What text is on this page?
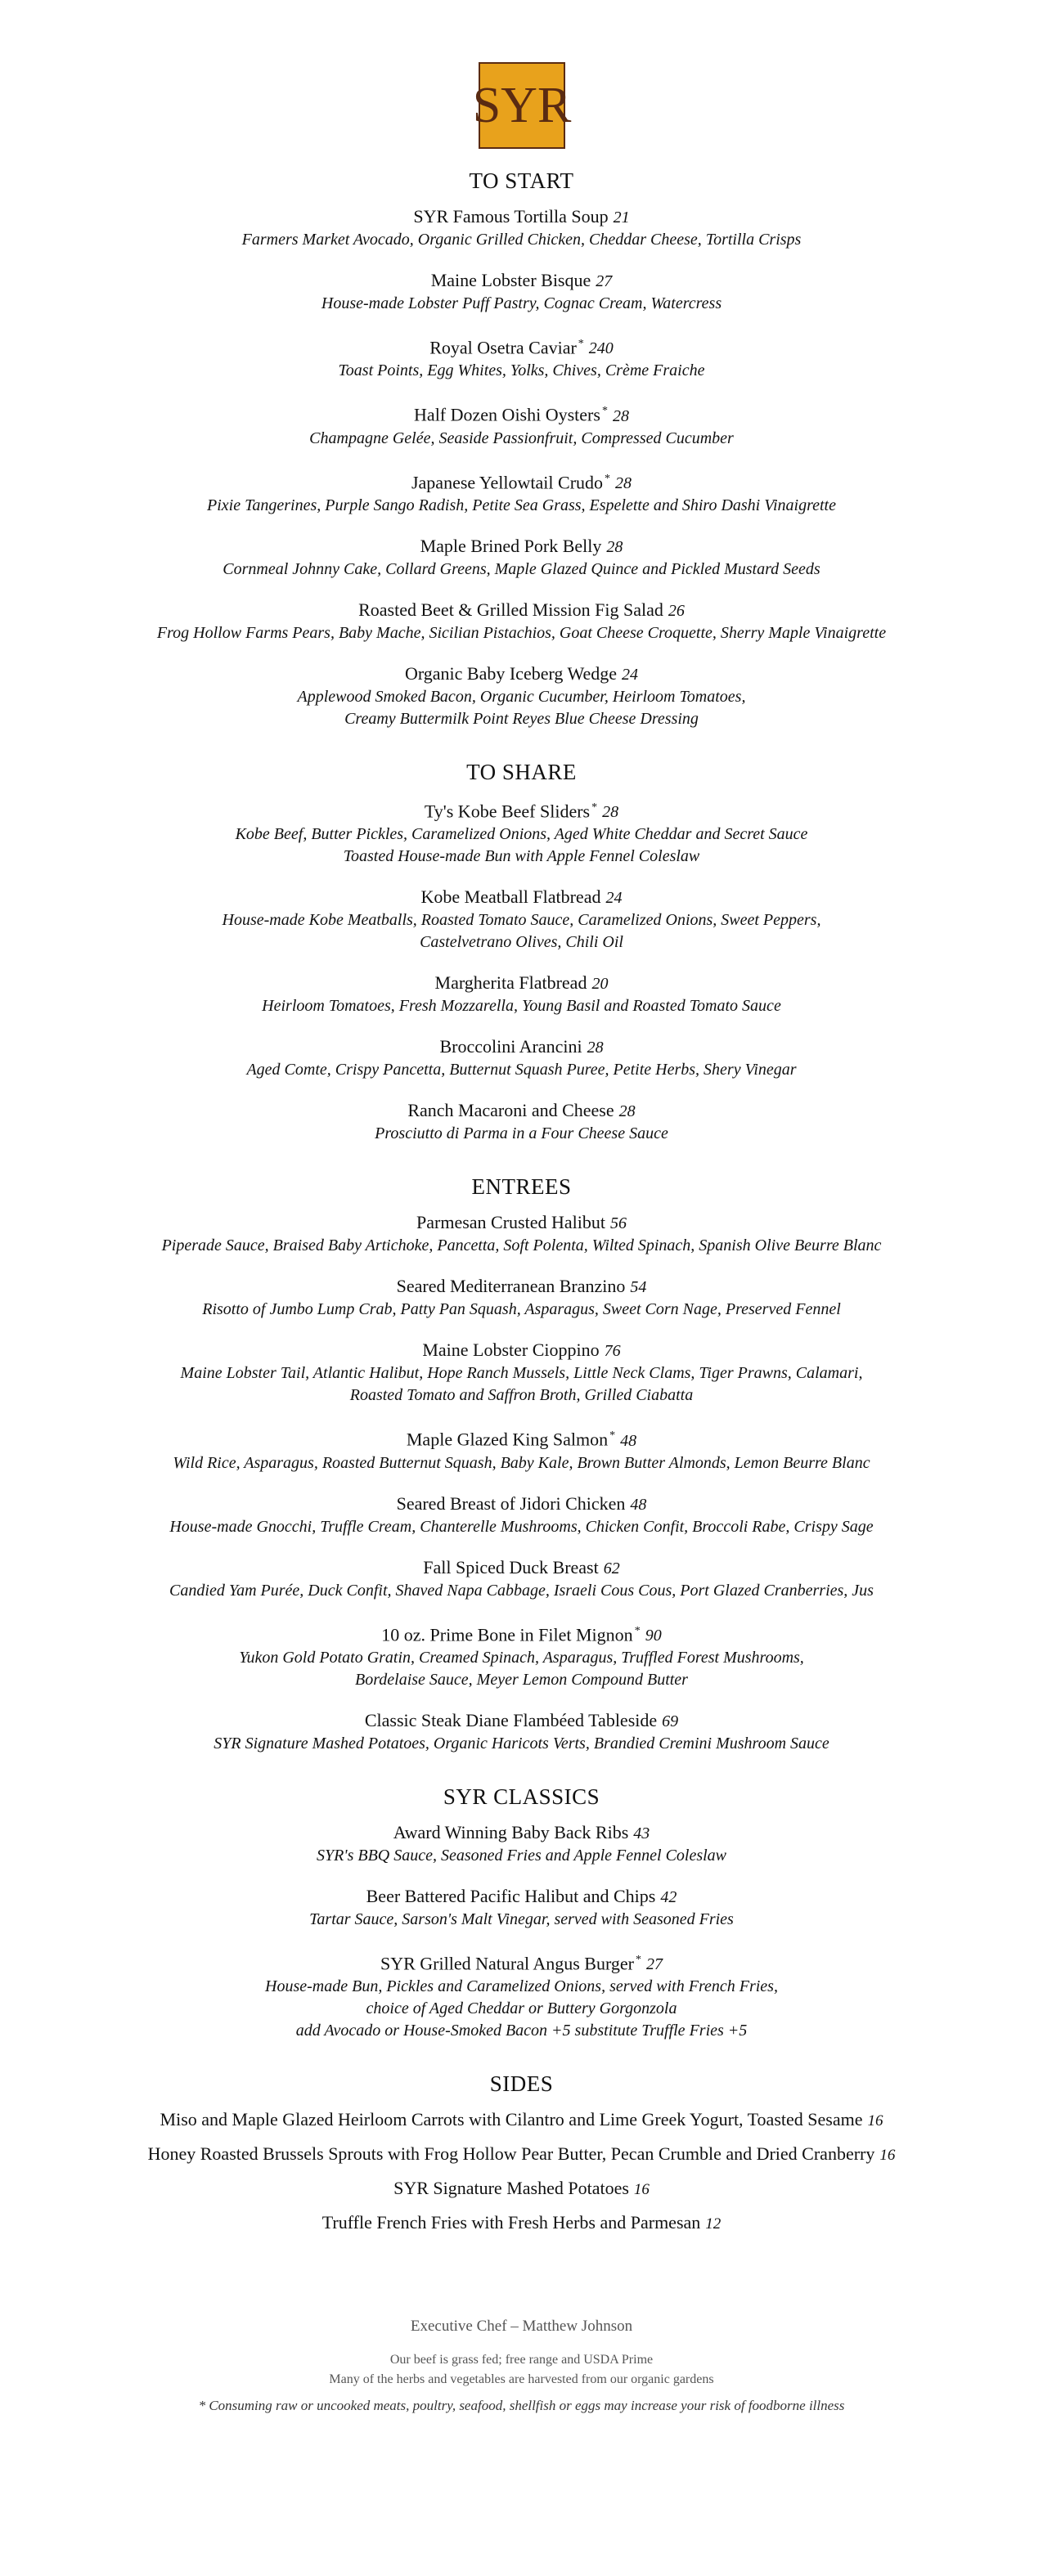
SYR
TO START
SYR Famous Tortilla Soup 21
Farmers Market Avocado, Organic Grilled Chicken, Cheddar Cheese, Tortilla Crisps
Maine Lobster Bisque 27
House-made Lobster Puff Pastry, Cognac Cream, Watercress
Royal Osetra Caviar * 240
Toast Points, Egg Whites, Yolks, Chives, Crème Fraiche
Half Dozen Oishi Oysters * 28
Champagne Gelée, Seaside Passionfruit, Compressed Cucumber
Japanese Yellowtail Crudo * 28
Pixie Tangerines, Purple Sango Radish, Petite Sea Grass, Espelette and Shiro Dashi Vinaigrette
Maple Brined Pork Belly 28
Cornmeal Johnny Cake, Collard Greens, Maple Glazed Quince and Pickled Mustard Seeds
Roasted Beet & Grilled Mission Fig Salad 26
Frog Hollow Farms Pears, Baby Mache, Sicilian Pistachios, Goat Cheese Croquette, Sherry Maple Vinaigrette
Organic Baby Iceberg Wedge 24
Applewood Smoked Bacon, Organic Cucumber, Heirloom Tomatoes,
Creamy Buttermilk Point Reyes Blue Cheese Dressing
TO SHARE
Ty's Kobe Beef Sliders * 28
Kobe Beef, Butter Pickles, Caramelized Onions, Aged White Cheddar and Secret Sauce
Toasted House-made Bun with Apple Fennel Coleslaw
Kobe Meatball Flatbread 24
House-made Kobe Meatballs, Roasted Tomato Sauce, Caramelized Onions, Sweet Peppers,
Castelvetrano Olives, Chili Oil
Margherita Flatbread 20
Heirloom Tomatoes, Fresh Mozzarella, Young Basil and Roasted Tomato Sauce
Broccolini Arancini 28
Aged Comte, Crispy Pancetta, Butternut Squash Puree, Petite Herbs, Shery Vinegar
Ranch Macaroni and Cheese 28
Prosciutto di Parma in a Four Cheese Sauce
ENTREES
Parmesan Crusted Halibut 56
Piperade Sauce, Braised Baby Artichoke, Pancetta, Soft Polenta, Wilted Spinach, Spanish Olive Beurre Blanc
Seared Mediterranean Branzino 54
Risotto of Jumbo Lump Crab, Patty Pan Squash, Asparagus, Sweet Corn Nage, Preserved Fennel
Maine Lobster Cioppino 76
Maine Lobster Tail, Atlantic Halibut, Hope Ranch Mussels, Little Neck Clams, Tiger Prawns, Calamari,
Roasted Tomato and Saffron Broth, Grilled Ciabatta
Maple Glazed King Salmon * 48
Wild Rice, Asparagus, Roasted Butternut Squash, Baby Kale, Brown Butter Almonds, Lemon Beurre Blanc
Seared Breast of Jidori Chicken 48
House-made Gnocchi, Truffle Cream, Chanterelle Mushrooms, Chicken Confit, Broccoli Rabe, Crispy Sage
Fall Spiced Duck Breast 62
Candied Yam Purée, Duck Confit, Shaved Napa Cabbage, Israeli Cous Cous, Port Glazed Cranberries, Jus
10 oz. Prime Bone in Filet Mignon * 90
Yukon Gold Potato Gratin, Creamed Spinach, Asparagus, Truffled Forest Mushrooms,
Bordelaise Sauce, Meyer Lemon Compound Butter
Classic Steak Diane Flambéed Tableside 69
SYR Signature Mashed Potatoes, Organic Haricots Verts, Brandied Cremini Mushroom Sauce
SYR CLASSICS
Award Winning Baby Back Ribs 43
SYR's BBQ Sauce, Seasoned Fries and Apple Fennel Coleslaw
Beer Battered Pacific Halibut and Chips 42
Tartar Sauce, Sarson's Malt Vinegar, served with Seasoned Fries
SYR Grilled Natural Angus Burger * 27
House-made Bun, Pickles and Caramelized Onions, served with French Fries,
choice of Aged Cheddar or Buttery Gorgonzola
add Avocado or House-Smoked Bacon +5 substitute Truffle Fries +5
SIDES
Miso and Maple Glazed Heirloom Carrots with Cilantro and Lime Greek Yogurt, Toasted Sesame 16
Honey Roasted Brussels Sprouts with Frog Hollow Pear Butter, Pecan Crumble and Dried Cranberry 16
SYR Signature Mashed Potatoes 16
Truffle French Fries with Fresh Herbs and Parmesan 12
Executive Chef – Matthew Johnson
Our beef is grass fed; free range and USDA Prime
Many of the herbs and vegetables are harvested from our organic gardens
* Consuming raw or uncooked meats, poultry, seafood, shellfish or eggs may increase your risk of foodborne illness
